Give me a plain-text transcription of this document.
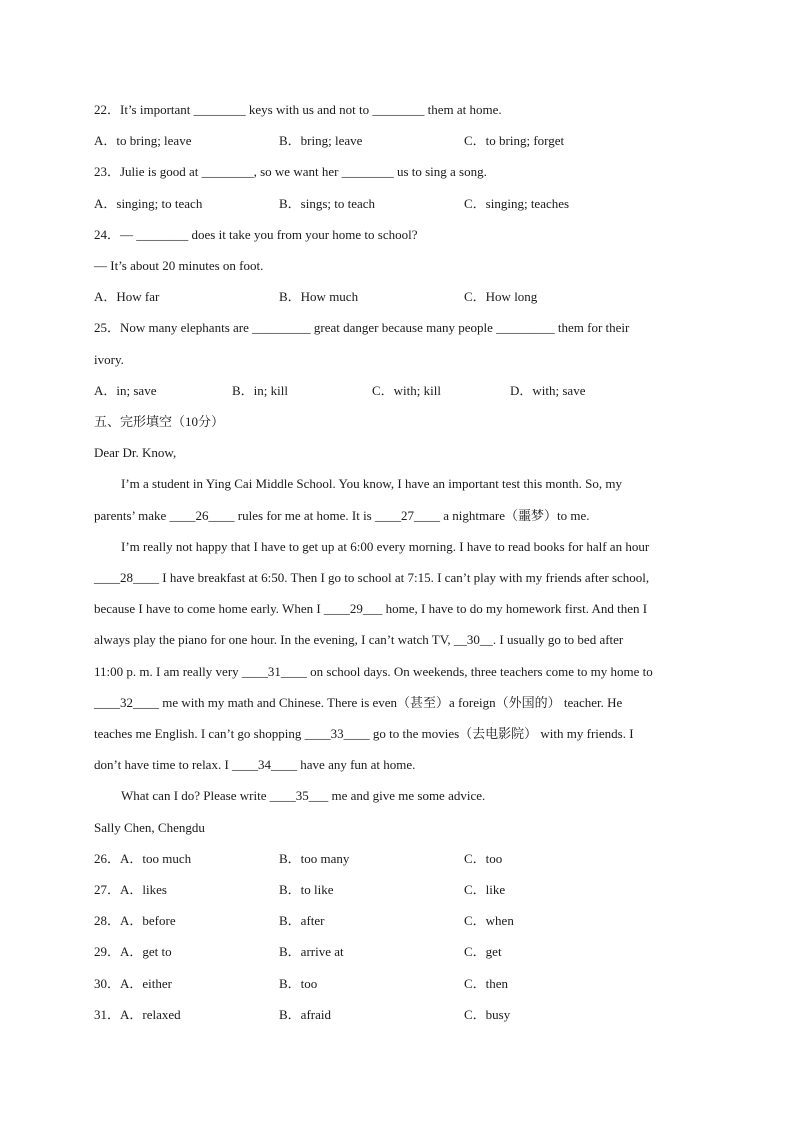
22．It’s important ________ keys with us and not to ________ them at home.
A．to bring; leave	B．bring; leave	C．to bring; forget
23．Julie is good at ________, so we want her ________ us to sing a song.
A．singing; to teach	B．sings; to teach	C．singing; teaches
24．— ________ does it take you from your home to school?
— It’s about 20 minutes on foot.
A．How far	B．How much	C．How long
25．Now many elephants are _________ great danger because many people _________ them for their
ivory.
A．in; save	B．in; kill	C．with; kill	D．with; save
五、完形填空（10分）
Dear Dr. Know,
I’m a student in Ying Cai Middle School. You know, I have an important test this month. So, my
parents’ make ____26____ rules for me at home. It is ____27____ a nightmare（噩梦）to me.
I’m really not happy that I have to get up at 6:00 every morning. I have to read books for half an hour
____28____ I have breakfast at 6:50. Then I go to school at 7:15. I can’t play with my friends after school,
because I have to come home early. When I ____29___ home, I have to do my homework first. And then I
always play the piano for one hour. In the evening, I can’t watch TV, __30__. I usually go to bed after
11:00 p. m. I am really very ____31____ on school days. On weekends, three teachers come to my home to
____32____ me with my math and Chinese. There is even（甚至）a foreign（外国的） teacher. He
teaches me English. I can’t go shopping ____33____ go to the movies（去电影院） with my friends. I
don’t have time to relax. I ____34____ have any fun at home.
What can I do? Please write ____35___ me and give me some advice.
Sally Chen, Chengdu
26．A．too much	B．too many	C．too
27．A．likes	B．to like	C．like
28．A．before	B．after	C．when
29．A．get to	B．arrive at	C．get
30．A．either	B．too	C．then
31．A．relaxed	B．afraid	C．busy
